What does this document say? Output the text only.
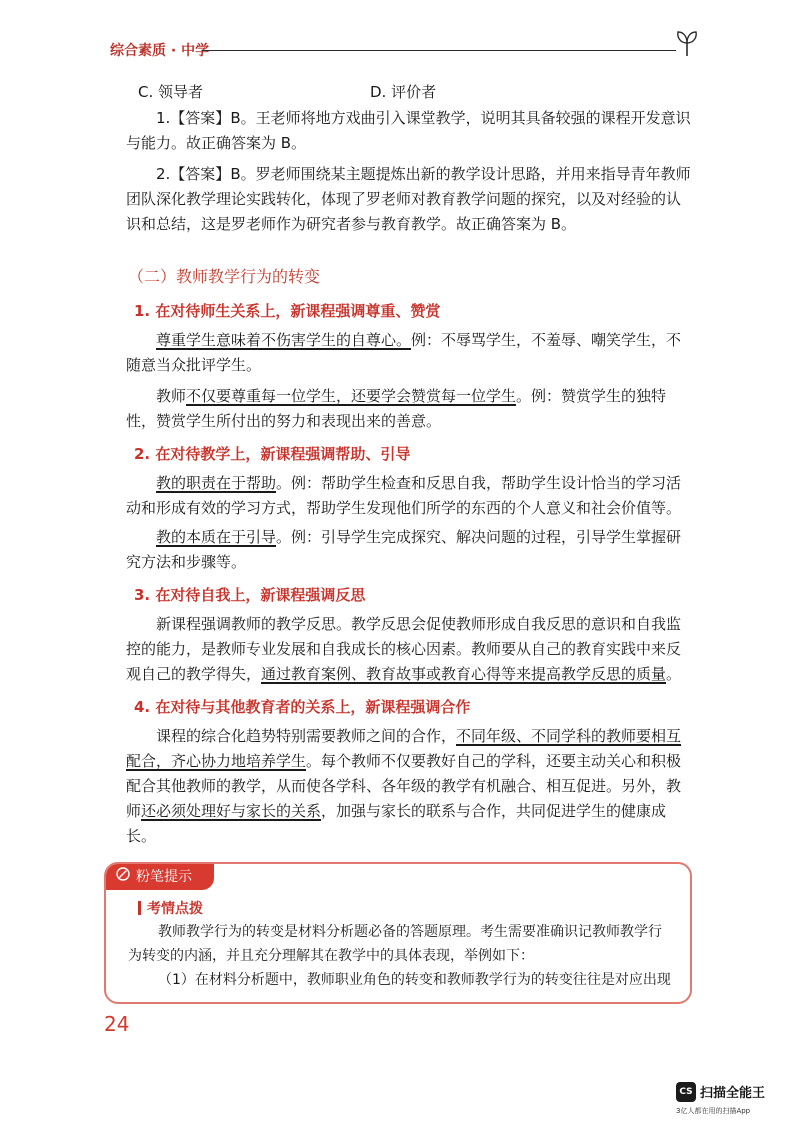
综合素质 · 中学
C. 领导者	D. 评价者

1.【答案】B。王老师将地方戏曲引入课堂教学，说明其具备较强的课程开发意识与能力。故正确答案为 B。

2.【答案】B。罗老师围绕某主题提炼出新的教学设计思路，并用来指导青年教师团队深化教学理论实践转化，体现了罗老师对教育教学问题的探究，以及对经验的认识和总结，这是罗老师作为研究者参与教育教学。故正确答案为 B。

（二）教师教学行为的转变
1. 在对待师生关系上，新课程强调尊重、赞赏

尊重学生意味着不伤害学生的自尊心。例：不辱骂学生，不羞辱、嘲笑学生，不随意当众批评学生。

教师不仅要尊重每一位学生，还要学会赞赏每一位学生。例：赞赏学生的独特性，赞赏学生所付出的努力和表现出来的善意。

2. 在对待教学上，新课程强调帮助、引导

教的职责在于帮助。例：帮助学生检查和反思自我，帮助学生设计恰当的学习活动和形成有效的学习方式，帮助学生发现他们所学的东西的个人意义和社会价值等。

教的本质在于引导。例：引导学生完成探究、解决问题的过程，引导学生掌握研究方法和步骤等。

3. 在对待自我上，新课程强调反思

新课程强调教师的教学反思。教学反思会促使教师形成自我反思的意识和自我监控的能力，是教师专业发展和自我成长的核心因素。教师要从自己的教育实践中来反观自己的教学得失，通过教育案例、教育故事或教育心得等来提高教学反思的质量。

4. 在对待与其他教育者的关系上，新课程强调合作

课程的综合化趋势特别需要教师之间的合作，不同年级、不同学科的教师要相互配合，齐心协力地培养学生。每个教师不仅要教好自己的学科，还要主动关心和积极配合其他教师的教学，从而使各学科、各年级的教学有机融合、相互促进。另外，教师还必须处理好与家长的关系，加强与家长的联系与合作，共同促进学生的健康成长。

粉笔提示
考情点拨

教师教学行为的转变是材料分析题必备的答题原理。考生需要准确识记教师教学行为转变的内涵，并且充分理解其在教学中的具体表现，举例如下：

（1）在材料分析题中，教师职业角色的转变和教师教学行为的转变往往是对应出现

24
CS 扫描全能王
3亿人都在用的扫描App
